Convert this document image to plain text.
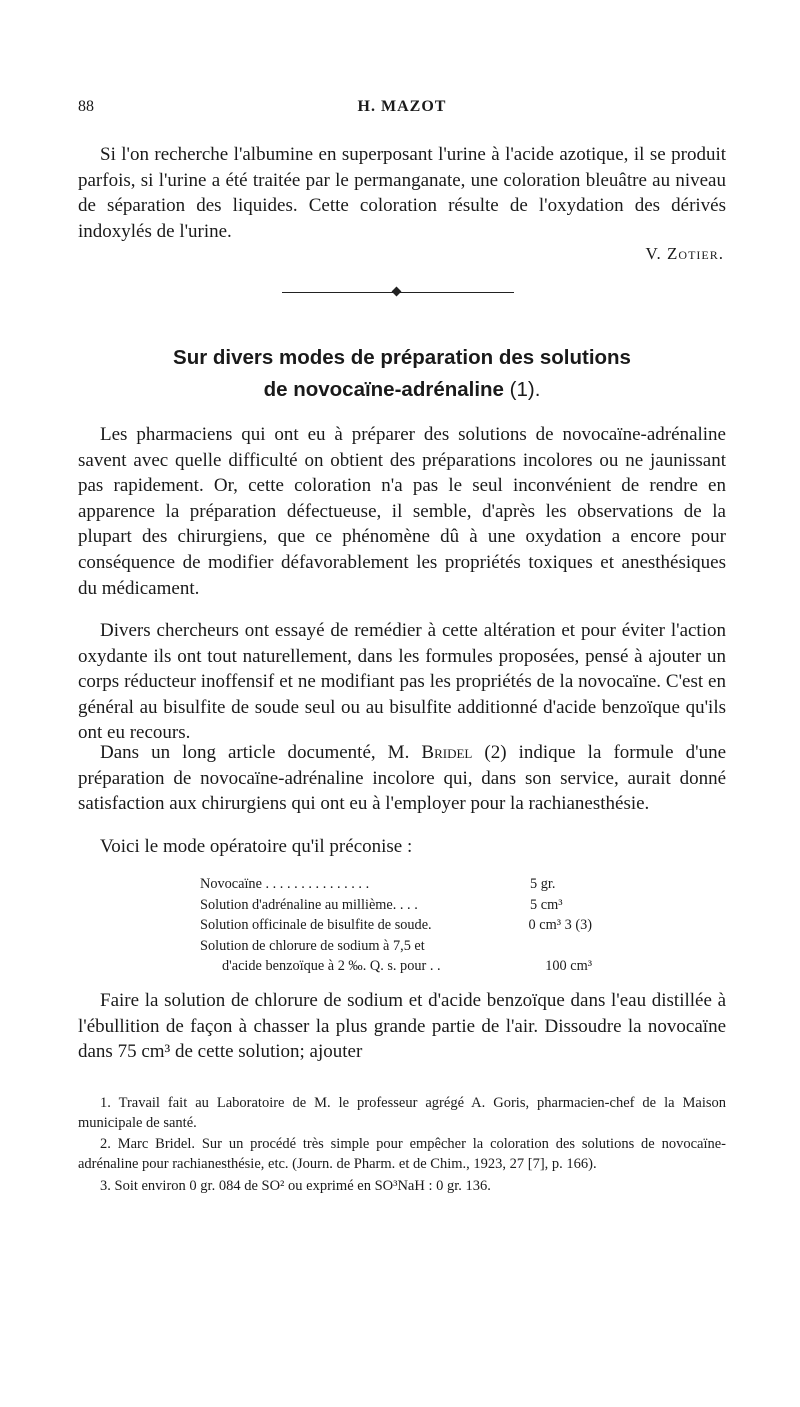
88	H. MAZOT

Si l'on recherche l'albumine en superposant l'urine à l'acide azotique, il se produit parfois, si l'urine a été traitée par le permanganate, une coloration bleuâtre au niveau de séparation des liquides. Cette coloration résulte de l'oxydation des dérivés indoxylés de l'urine.

V. Zotier.
Sur divers modes de préparation des solutions
de novocaïne-adrénaline (1).

Les pharmaciens qui ont eu à préparer des solutions de novocaïne-adrénaline savent avec quelle difficulté on obtient des préparations incolores ou ne jaunissant pas rapidement. Or, cette coloration n'a pas le seul inconvénient de rendre en apparence la préparation défectueuse, il semble, d'après les observations de la plupart des chirurgiens, que ce phénomène dû à une oxydation a encore pour conséquence de modifier défavorablement les propriétés toxiques et anesthésiques du médicament.

Divers chercheurs ont essayé de remédier à cette altération et pour éviter l'action oxydante ils ont tout naturellement, dans les formules proposées, pensé à ajouter un corps réducteur inoffensif et ne modifiant pas les propriétés de la novocaïne. C'est en général au bisulfite de soude seul ou au bisulfite additionné d'acide benzoïque qu'ils ont eu recours.

Dans un long article documenté, M. Bridel (2) indique la formule d'une préparation de novocaïne-adrénaline incolore qui, dans son service, aurait donné satisfaction aux chirurgiens qui ont eu à l'employer pour la rachianesthésie.

Voici le mode opératoire qu'il préconise :

Novocaïne . . . . . . . . . . . . . . .	5 gr.
Solution d'adrénaline au millième. . . .	5 cm³
Solution officinale de bisulfite de soude.	0 cm³ 3 (3)
Solution de chlorure de sodium à 7,5 et
d'acide benzoïque à 2 ‰. Q. s. pour . .	100 cm³

Faire la solution de chlorure de sodium et d'acide benzoïque dans l'eau distillée à l'ébullition de façon à chasser la plus grande partie de l'air. Dissoudre la novocaïne dans 75 cm³ de cette solution; ajouter

1. Travail fait au Laboratoire de M. le professeur agrégé A. Goris, pharmacien-chef de la Maison municipale de santé.

2. Marc Bridel. Sur un procédé très simple pour empêcher la coloration des solutions de novocaïne-adrénaline pour rachianesthésie, etc. (Journ. de Pharm. et de Chim., 1923, 27 [7], p. 166).

3. Soit environ 0 gr. 084 de SO² ou exprimé en SO³NaH : 0 gr. 136.
